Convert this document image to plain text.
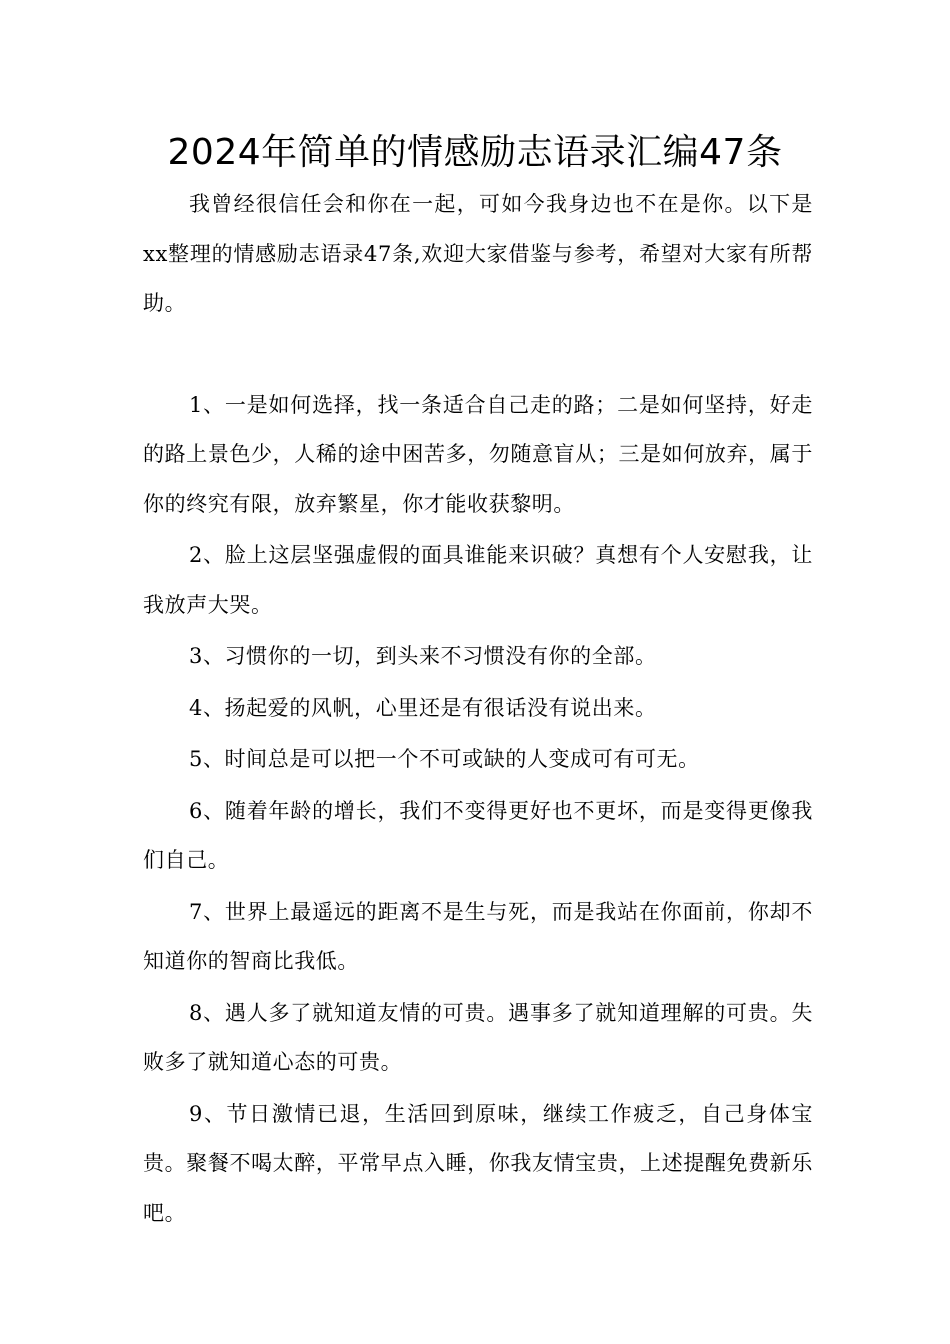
2024年简单的情感励志语录汇编47条

我曾经很信任会和你在一起，可如今我身边也不在是你。以下是xx整理的情感励志语录47条,欢迎大家借鉴与参考，希望对大家有所帮助。

1、一是如何选择，找一条适合自己走的路；二是如何坚持，好走的路上景色少，人稀的途中困苦多，勿随意盲从；三是如何放弃，属于你的终究有限，放弃繁星，你才能收获黎明。

2、脸上这层坚强虚假的面具谁能来识破？真想有个人安慰我，让我放声大哭。

3、习惯你的一切，到头来不习惯没有你的全部。

4、扬起爱的风帆，心里还是有很话没有说出来。

5、时间总是可以把一个不可或缺的人变成可有可无。

6、随着年龄的增长，我们不变得更好也不更坏，而是变得更像我们自己。

7、世界上最遥远的距离不是生与死，而是我站在你面前，你却不知道你的智商比我低。

8、遇人多了就知道友情的可贵。遇事多了就知道理解的可贵。失败多了就知道心态的可贵。

9、节日激情已退，生活回到原味，继续工作疲乏，自己身体宝贵。聚餐不喝太醉，平常早点入睡，你我友情宝贵，上述提醒免费新乐吧。
